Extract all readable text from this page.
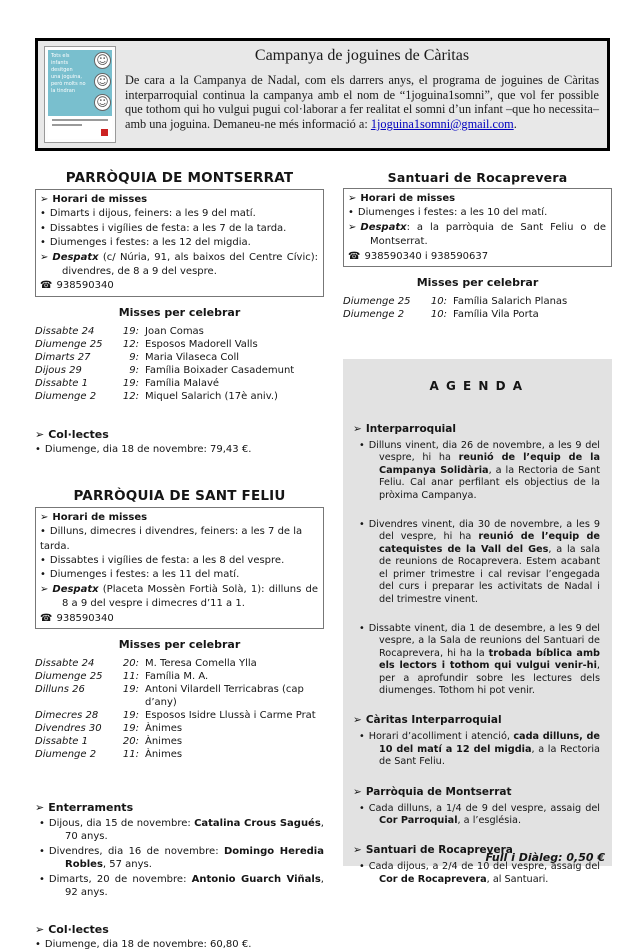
Tots els
infants
desitgen
una joguina,
però molts no
la tindran
☺
☺
☺
Campanya de joguines de Càritas
De cara a la Campanya de Nadal, com els darrers anys, el programa de joguines de Càritas interparroquial continua la campanya amb el nom de “1joguina1somni”, que vol fer possible que tothom qui ho vulgui pugui col·laborar a fer realitat el somni d’un infant –que ho necessita– amb una joguina. Demaneu-ne més informació a: 1joguina1somni@gmail.com.
PARRÒQUIA DE MONTSERRAT
➢ Horari de misses
• Dimarts i dijous, feiners: a les 9 del matí.
• Dissabtes i vigílies de festa: a les 7 de la tarda.
• Diumenges i festes: a les 12 del migdia.
➢ Despatx (c/ Núria, 91, als baixos del Centre Cívic): divendres, de 8 a 9 del vespre.
☎ 938590340
Misses per celebrar
Dissabte 24	19: Joan Comas
Diumenge 25	12: Esposos Madorell Valls
Dimarts 27	9: Maria Vilaseca Coll
Dijous 29	9: Família Boixader Casademunt
Dissabte 1	19: Família Malavé
Diumenge 2	12: Miquel Salarich (17è aniv.)
➢ Col·lectes
• Diumenge, dia 18 de novembre: 79,43 €.
PARRÒQUIA DE SANT FELIU
➢ Horari de misses
• Dilluns, dimecres i divendres, feiners: a les 7 de la tarda.
• Dissabtes i vigílies de festa: a les 8 del vespre.
• Diumenges i festes: a les 11 del matí.
➢ Despatx (Placeta Mossèn Fortià Solà, 1): dilluns de 8 a 9 del vespre i dimecres d’11 a 1.
☎ 938590340
Misses per celebrar
Dissabte 24	20: M. Teresa Comella Ylla
Diumenge 25	11: Família M. A.
Dilluns 26	19: Antoni Vilardell Terricabras (cap d’any)
Dimecres 28	19: Esposos Isidre Llussà i Carme Prat
Divendres 30	19: Ànimes
Dissabte 1	20: Ànimes
Diumenge 2	11: Ànimes
➢ Enterraments
• Dijous, dia 15 de novembre: Catalina Crous Sagués, 70 anys.
• Divendres, dia 16 de novembre: Domingo Heredia Robles, 57 anys.
• Dimarts, 20 de novembre: Antonio Guarch Viñals, 92 anys.
➢ Col·lectes
• Diumenge, dia 18 de novembre: 60,80 €.
Santuari de Rocaprevera
➢ Horari de misses
• Diumenges i festes: a les 10 del matí.
➢ Despatx: a la parròquia de Sant Feliu o de Montserrat.
☎ 938590340 i 938590637
Misses per celebrar
Diumenge 25	10: Família Salarich Planas
Diumenge 2	10: Família Vila Porta
A G E N D A
➢ Interparroquial
• Dilluns vinent, dia 26 de novembre, a les 9 del vespre, hi ha reunió de l’equip de la Campanya Solidària, a la Rectoria de Sant Feliu. Cal anar perfilant els objectius de la pròxima Campanya.
• Divendres vinent, dia 30 de novembre, a les 9 del vespre, hi ha reunió de l’equip de catequistes de la Vall del Ges, a la sala de reunions de Rocaprevera. Estem acabant el primer trimestre i cal revisar l’engegada del curs i preparar les activitats de Nadal i del trimestre vinent.
• Dissabte vinent, dia 1 de desembre, a les 9 del vespre, a la Sala de reunions del Santuari de Rocaprevera, hi ha la trobada bíblica amb els lectors i tothom qui vulgui venir-hi, per a aprofundir sobre les lectures dels diumenges. Tothom hi pot venir.
➢ Càritas Interparroquial
• Horari d’acolliment i atenció, cada dilluns, de 10 del matí a 12 del migdia, a la Rectoria de Sant Feliu.
➢ Parròquia de Montserrat
• Cada dilluns, a 1/4 de 9 del vespre, assaig del Cor Parroquial, a l’església.
➢ Santuari de Rocaprevera
• Cada dijous, a 2/4 de 10 del vespre, assaig del Cor de Rocaprevera, al Santuari.
Full i Diàleg: 0,50 €
